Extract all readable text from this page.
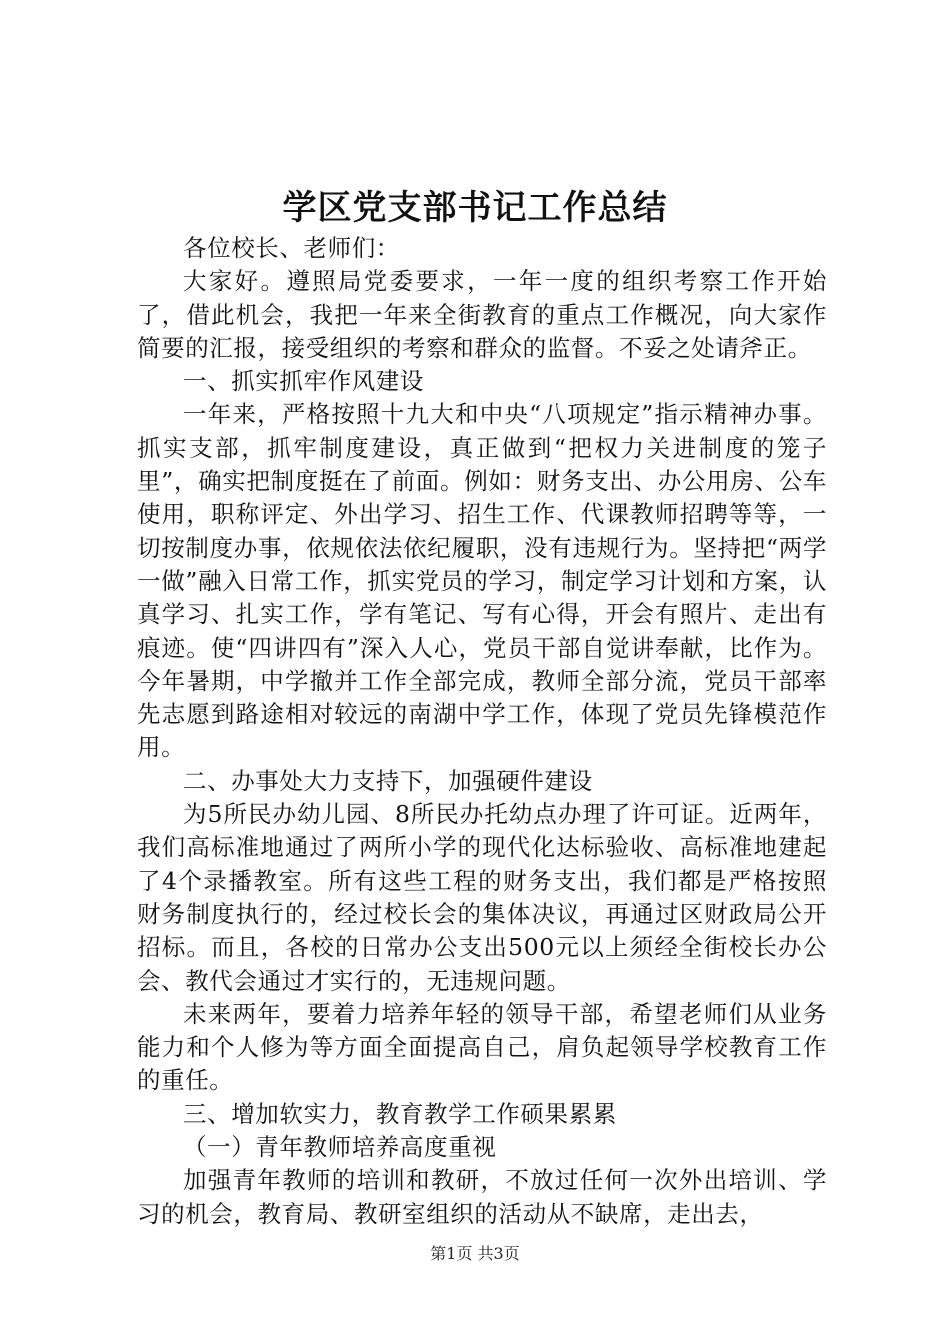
学区党支部书记工作总结

各位校长、老师们：

大家好。遵照局党委要求，一年一度的组织考察工作开始了，借此机会，我把一年来全街教育的重点工作概况，向大家作简要的汇报，接受组织的考察和群众的监督。不妥之处请斧正。

一、抓实抓牢作风建设

一年来，严格按照十九大和中央“八项规定”指示精神办事。抓实支部，抓牢制度建设，真正做到“把权力关进制度的笼子里”，确实把制度挺在了前面。例如：财务支出、办公用房、公车使用，职称评定、外出学习、招生工作、代课教师招聘等等，一切按制度办事，依规依法依纪履职，没有违规行为。坚持把“两学一做”融入日常工作，抓实党员的学习，制定学习计划和方案，认真学习、扎实工作，学有笔记、写有心得，开会有照片、走出有痕迹。使“四讲四有”深入人心，党员干部自觉讲奉献，比作为。今年暑期，中学撤并工作全部完成，教师全部分流，党员干部率先志愿到路途相对较远的南湖中学工作，体现了党员先锋模范作用。

二、办事处大力支持下，加强硬件建设

为5所民办幼儿园、8所民办托幼点办理了许可证。近两年，我们高标准地通过了两所小学的现代化达标验收、高标准地建起了4个录播教室。所有这些工程的财务支出，我们都是严格按照财务制度执行的，经过校长会的集体决议，再通过区财政局公开招标。而且，各校的日常办公支出500元以上须经全街校长办公会、教代会通过才实行的，无违规问题。

未来两年，要着力培养年轻的领导干部，希望老师们从业务能力和个人修为等方面全面提高自己，肩负起领导学校教育工作的重任。

三、增加软实力，教育教学工作硕果累累

（一）青年教师培养高度重视

加强青年教师的培训和教研，不放过任何一次外出培训、学习的机会，教育局、教研室组织的活动从不缺席，走出去，

第1页 共3页
